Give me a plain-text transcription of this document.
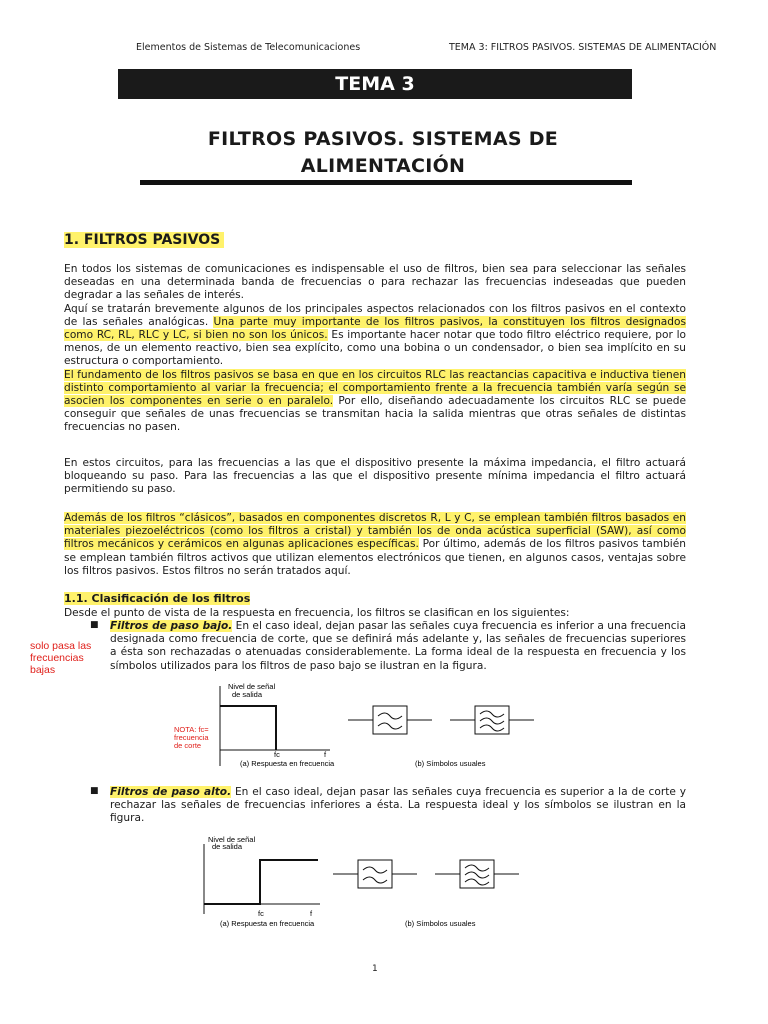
Elementos de Sistemas de Telecomunicaciones	TEMA 3: FILTROS PASIVOS. SISTEMAS DE ALIMENTACIÓN
TEMA 3
FILTROS PASIVOS. SISTEMAS DE
ALIMENTACIÓN
1. FILTROS PASIVOS

En todos los sistemas de comunicaciones es indispensable el uso de filtros, bien sea para seleccionar las señales deseadas en una determinada banda de frecuencias o para rechazar las frecuencias indeseadas que pueden degradar a las señales de interés.

Aquí se tratarán brevemente algunos de los principales aspectos relacionados con los filtros pasivos en el contexto de las señales analógicas. Una parte muy importante de los filtros pasivos, la constituyen los filtros designados como RC, RL, RLC y LC, si bien no son los únicos. Es importante hacer notar que todo filtro eléctrico requiere, por lo menos, de un elemento reactivo, bien sea explícito, como una bobina o un condensador, o bien sea implícito en su estructura o comportamiento.

El fundamento de los filtros pasivos se basa en que en los circuitos RLC las reactancias capacitiva e inductiva tienen distinto comportamiento al variar la frecuencia; el comportamiento frente a la frecuencia también varía según se asocien los componentes en serie o en paralelo. Por ello, diseñando adecuadamente los circuitos RLC se puede conseguir que señales de unas frecuencias se transmitan hacia la salida mientras que otras señales de distintas frecuencias no pasen.

En estos circuitos, para las frecuencias a las que el dispositivo presente la máxima impedancia, el filtro actuará bloqueando su paso. Para las frecuencias a las que el dispositivo presente mínima impedancia el filtro actuará permitiendo su paso.
Además de los filtros “clásicos”, basados en componentes discretos R, L y C, se emplean también filtros basados en materiales piezoeléctricos (como los filtros a cristal) y también los de onda acústica superficial (SAW), así como filtros mecánicos y cerámicos en algunas aplicaciones específicas. Por último, además de los filtros pasivos también se emplean también filtros activos que utilizan elementos electrónicos que tienen, en algunos casos, ventajas sobre los filtros pasivos. Estos filtros no serán tratados aquí.
1.1. Clasificación de los filtros
Desde el punto de vista de la respuesta en frecuencia, los filtros se clasifican en los siguientes:
■ Filtros de paso bajo. En el caso ideal, dejan pasar las señales cuya frecuencia es inferior a una frecuencia designada como frecuencia de corte, que se definirá más adelante y, las señales de frecuencias superiores a ésta son rechazadas o atenuadas considerablemente. La forma ideal de la respuesta en frecuencia y los símbolos utilizados para los filtros de paso bajo se ilustran en la figura.
solo pasa las frecuencias bajas
Nivel de señal
de salida
fc	f
NOTA: fc=
frecuencia
de corte
(a) Respuesta en frecuencia	(b) Símbolos usuales
■ Filtros de paso alto. En el caso ideal, dejan pasar las señales cuya frecuencia es superior a la de corte y rechazar las señales de frecuencias inferiores a ésta. La respuesta ideal y los símbolos se ilustran en la figura.
Nivel de señal
de salida
fc	f
(a) Respuesta en frecuencia	(b) Símbolos usuales
1
